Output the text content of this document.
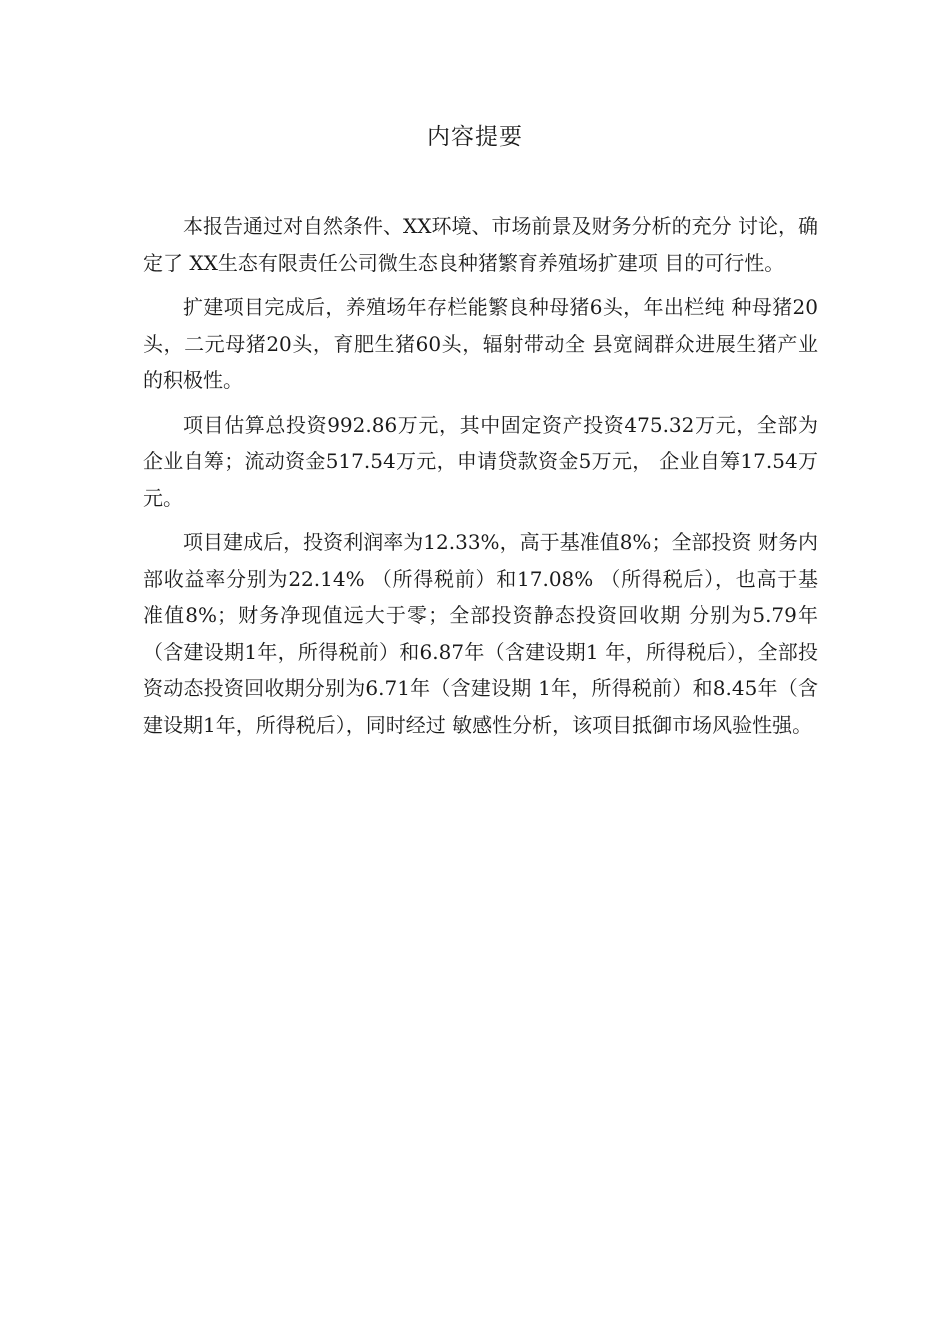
内容提要

本报告通过对自然条件、XX环境、市场前景及财务分析的充分 讨论，确定了 XX生态有限责任公司微生态良种猪繁育养殖场扩建项 目的可行性。

扩建项目完成后，养殖场年存栏能繁良种母猪6头，年出栏纯 种母猪20头，二元母猪20头，育肥生猪60头，辐射带动全 县宽阔群众进展生猪产业的积极性。

项目估算总投资992.86万元，其中固定资产投资475.32万元，全部为企业自筹；流动资金517.54万元，申请贷款资金5万元， 企业自筹17.54万元。

项目建成后，投资利润率为12.33%，高于基准值8%；全部投资 财务内部收益率分别为22.14% （所得税前）和17.08% （所得税后），也高于基准值8%；财务净现值远大于零；全部投资静态投资回收期 分别为5.79年（含建设期1年，所得税前）和6.87年（含建设期1 年，所得税后），全部投资动态投资回收期分别为6.71年（含建设期 1年，所得税前）和8.45年（含建设期1年，所得税后），同时经过 敏感性分析，该项目抵御市场风验性强。
